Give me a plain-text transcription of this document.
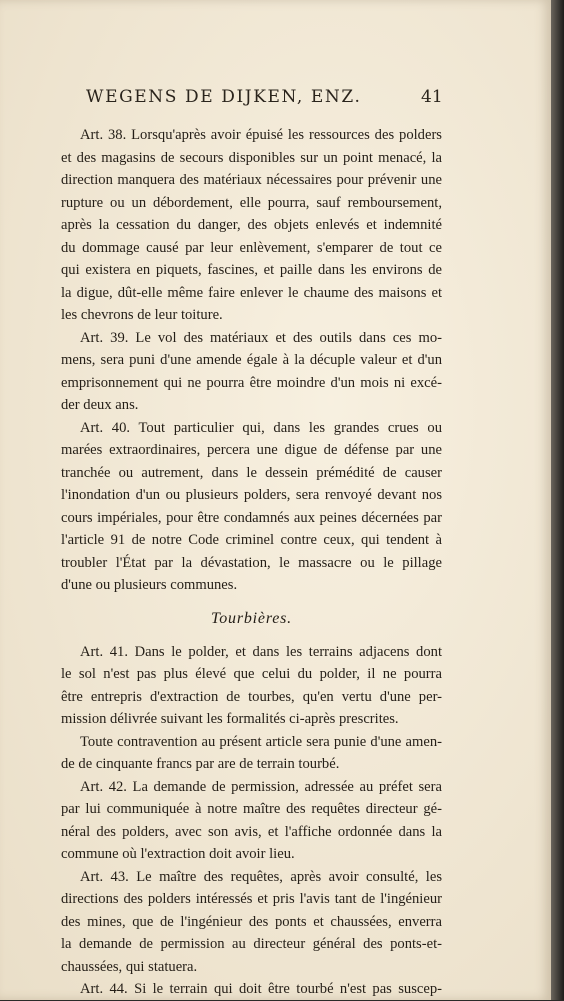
WEGENS DE DIJKEN, ENZ.	41
Art. 38. Lorsqu'après avoir épuisé les ressources des polders
et des magasins de secours disponibles sur un point menacé, la
direction manquera des matériaux nécessaires pour prévenir une
rupture ou un débordement, elle pourra, sauf remboursement,
après la cessation du danger, des objets enlevés et indemnité
du dommage causé par leur enlèvement, s'emparer de tout ce
qui existera en piquets, fascines, et paille dans les environs de
la digue, dût-elle même faire enlever le chaume des maisons et
les chevrons de leur toiture.
Art. 39. Le vol des matériaux et des outils dans ces mo-
mens, sera puni d'une amende égale à la décuple valeur et d'un
emprisonnement qui ne pourra être moindre d'un mois ni excé-
der deux ans.
Art. 40. Tout particulier qui, dans les grandes crues ou
marées extraordinaires, percera une digue de défense par une
tranchée ou autrement, dans le dessein prémédité de causer
l'inondation d'un ou plusieurs polders, sera renvoyé devant nos
cours impériales, pour être condamnés aux peines décernées par
l'article 91 de notre Code criminel contre ceux, qui tendent à
troubler l'État par la dévastation, le massacre ou le pillage
d'une ou plusieurs communes.
Tourbières.
Art. 41. Dans le polder, et dans les terrains adjacens dont
le sol n'est pas plus élevé que celui du polder, il ne pourra
être entrepris d'extraction de tourbes, qu'en vertu d'une per-
mission délivrée suivant les formalités ci-après prescrites.
Toute contravention au présent article sera punie d'une amen-
de de cinquante francs par are de terrain tourbé.
Art. 42. La demande de permission, adressée au préfet sera
par lui communiquée à notre maître des requêtes directeur gé-
néral des polders, avec son avis, et l'affiche ordonnée dans la
commune où l'extraction doit avoir lieu.
Art. 43. Le maître des requêtes, après avoir consulté, les
directions des polders intéressés et pris l'avis tant de l'ingénieur
des mines, que de l'ingénieur des ponts et chaussées, enverra
la demande de permission au directeur général des ponts-et-
chaussées, qui statuera.
Art. 44. Si le terrain qui doit être tourbé n'est pas suscep-
